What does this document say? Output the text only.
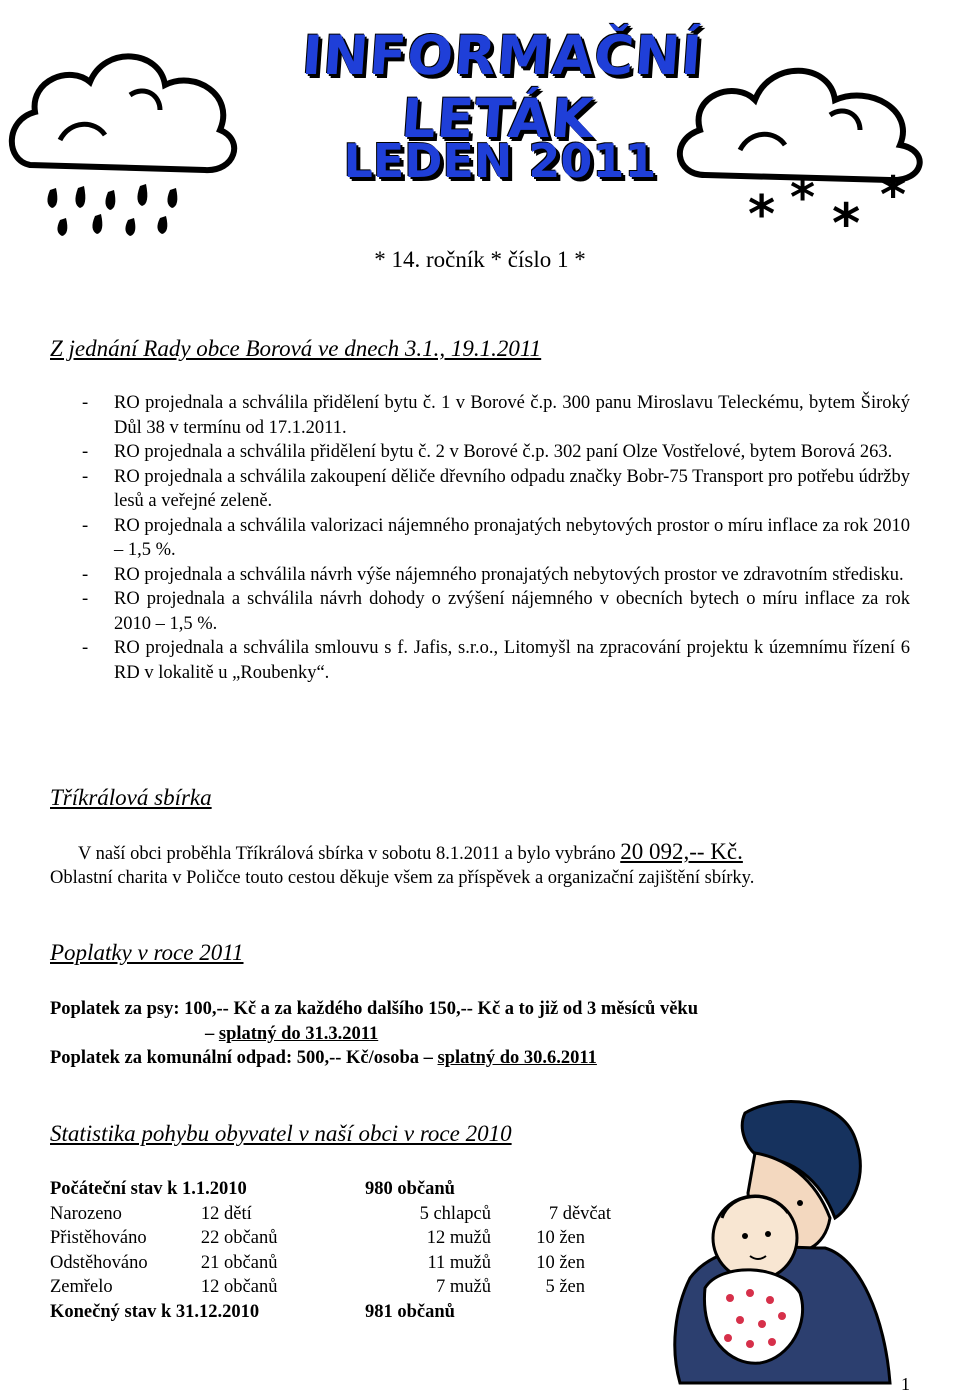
* * * *
INFORMAČNÍ LETÁK
LEDEN 2011
* 14. ročník * číslo 1 *
Z jednání Rady obce Borová ve dnech 3.1., 19.1.2011
- RO projednala a schválila přidělení bytu č. 1 v Borové č.p. 300 panu Miroslavu Teleckému, bytem Široký Důl 38 v termínu od 17.1.2011.
- RO projednala a schválila přidělení bytu č. 2 v Borové č.p. 302 paní Olze Vostřelové, bytem Borová 263.
- RO projednala a schválila zakoupení děliče dřevního odpadu značky Bobr-75 Transport pro potřebu údržby lesů a veřejné zeleně.
- RO projednala a schválila valorizaci nájemného pronajatých nebytových prostor o míru inflace za rok 2010 – 1,5 %.
- RO projednala a schválila návrh výše nájemného pronajatých nebytových prostor ve zdravotním středisku.
- RO projednala a schválila návrh dohody o zvýšení nájemného v obecních bytech o míru inflace za rok 2010 – 1,5 %.
- RO projednala a schválila smlouvu s f. Jafis, s.r.o., Litomyšl na zpracování projektu k územnímu řízení 6 RD v lokalitě u „Roubenky“.
Tříkrálová sbírka
V naší obci proběhla Tříkrálová sbírka v sobotu 8.1.2011 a bylo vybráno 20 092,-- Kč.
Oblastní charita v Poličce touto cestou děkuje všem za příspěvek a organizační zajištění sbírky.
Poplatky v roce 2011
Poplatek za psy: 100,-- Kč a za každého dalšího 150,-- Kč a to již od 3 měsíců věku
– splatný do 31.3.2011
Poplatek za komunální odpad: 500,-- Kč/osoba – splatný do 30.6.2011
Statistika pohybu obyvatel v naší obci v roce 2010
Počáteční stav k 1.1.2010		980 občanů	
Narozeno	12 dětí	5 chlapců	7 děvčat
Přistěhováno	22 občanů	12 mužů	10 žen
Odstěhováno	21 občanů	11 mužů	10 žen
Zemřelo	12 občanů	7 mužů	5 žen
Konečný stav k 31.12.2010		981 občanů	
1
